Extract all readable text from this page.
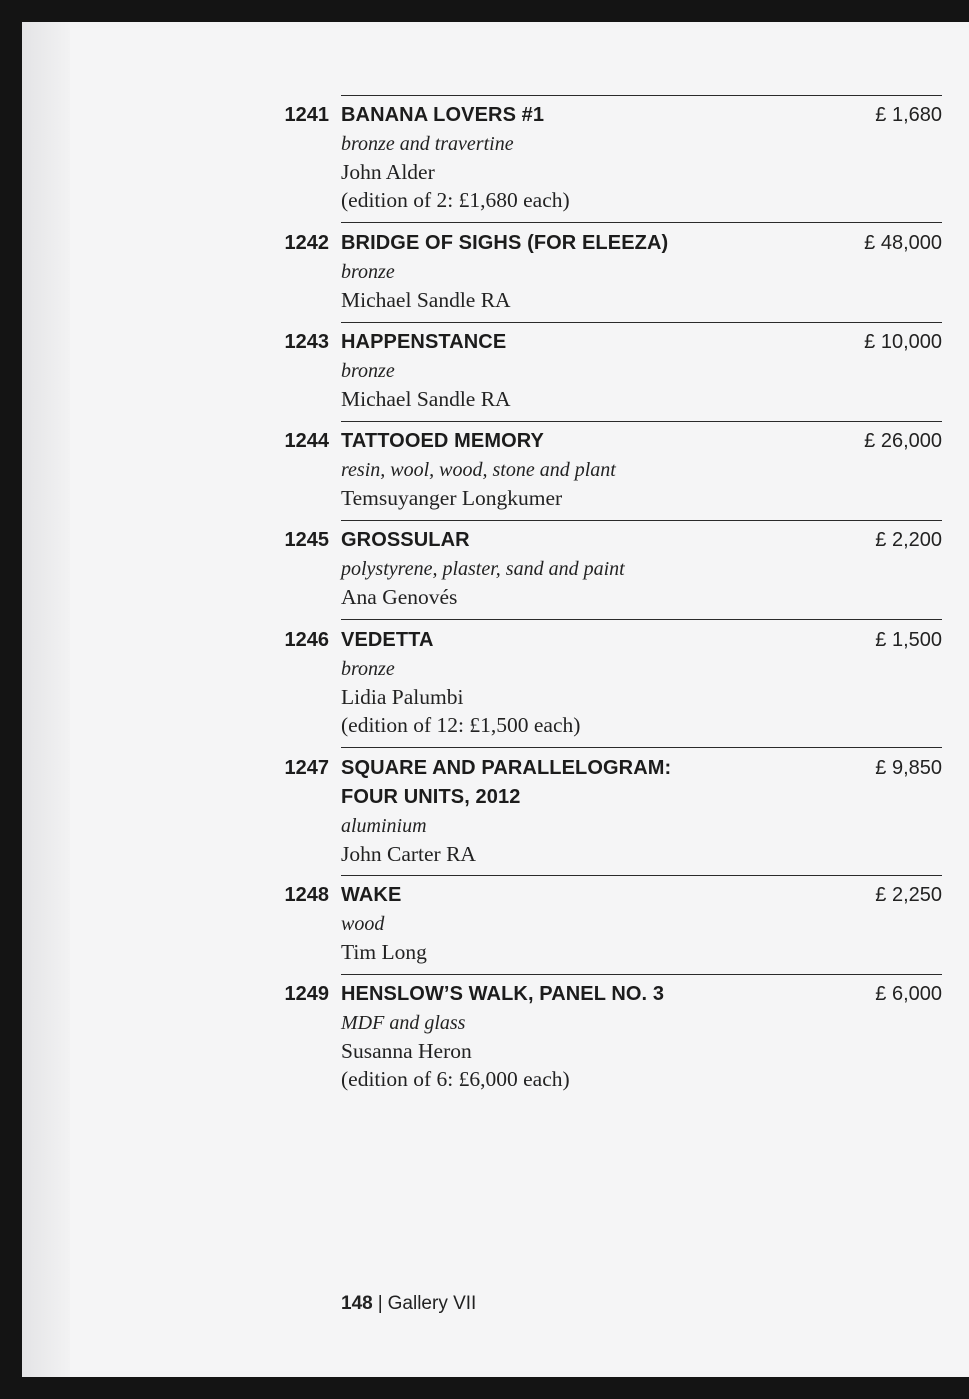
1241 BANANA LOVERS #1
bronze and travertine
John Alder
(edition of 2: £1,680 each)
£ 1,680
1242 BRIDGE OF SIGHS (FOR ELEEZA)
bronze
Michael Sandle RA
£ 48,000
1243 HAPPENSTANCE
bronze
Michael Sandle RA
£ 10,000
1244 TATTOOED MEMORY
resin, wool, wood, stone and plant
Temsuyanger Longkumer
£ 26,000
1245 GROSSULAR
polystyrene, plaster, sand and paint
Ana Genovés
£ 2,200
1246 VEDETTA
bronze
Lidia Palumbi
(edition of 12: £1,500 each)
£ 1,500
1247 SQUARE AND PARALLELOGRAM:
FOUR UNITS, 2012
aluminium
John Carter RA
£ 9,850
1248 WAKE
wood
Tim Long
£ 2,250
1249 HENSLOW’S WALK, PANEL NO. 3
MDF and glass
Susanna Heron
(edition of 6: £6,000 each)
£ 6,000
148 | Gallery VII
